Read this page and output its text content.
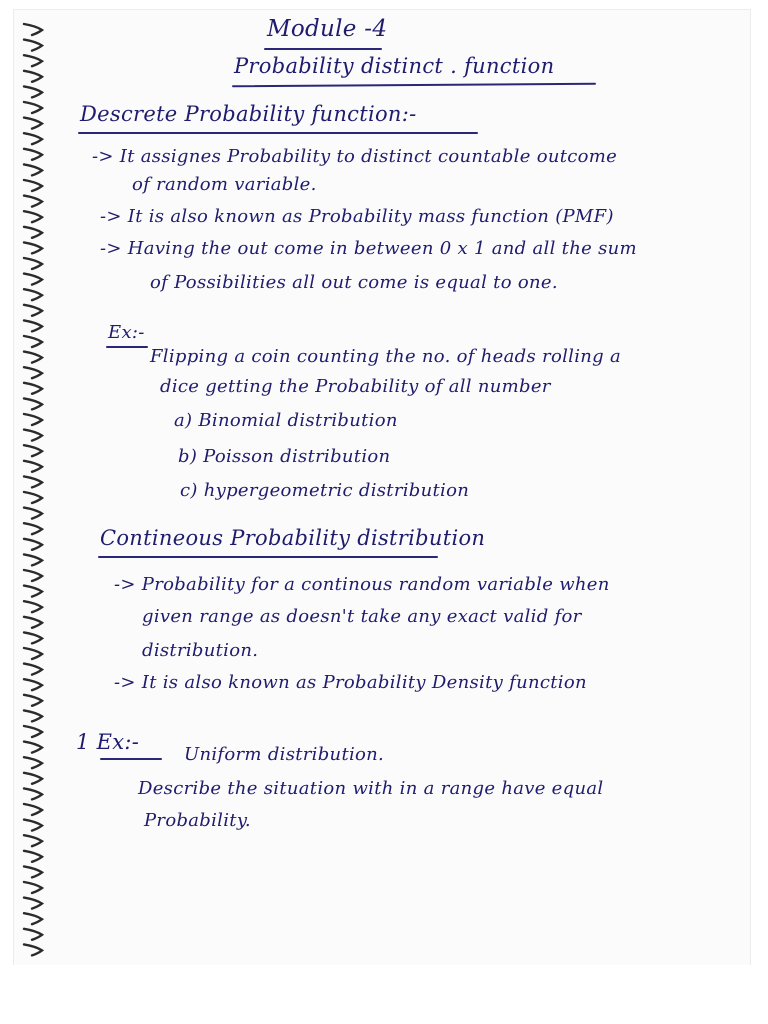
Module -4
Probability distinct . function
Descrete Probability function:-
-> It assignes Probability to distinct countable outcome
of random variable.
-> It is also known as Probability mass function (PMF)
-> Having the out come in between 0 x 1 and all the sum
of Possibilities all out come is equal to one.
Ex:-
Flipping a coin counting the no. of heads rolling a
dice getting the Probability of all number
a) Binomial distribution
b) Poisson distribution
c) hypergeometric distribution
Contineous Probability distribution
-> Probability for a continous random variable when
given range as doesn't take any exact valid for
distribution.
-> It is also known as Probability Density function
1 Ex:-
Uniform distribution.
Describe the situation with in a range have equal
Probability.
